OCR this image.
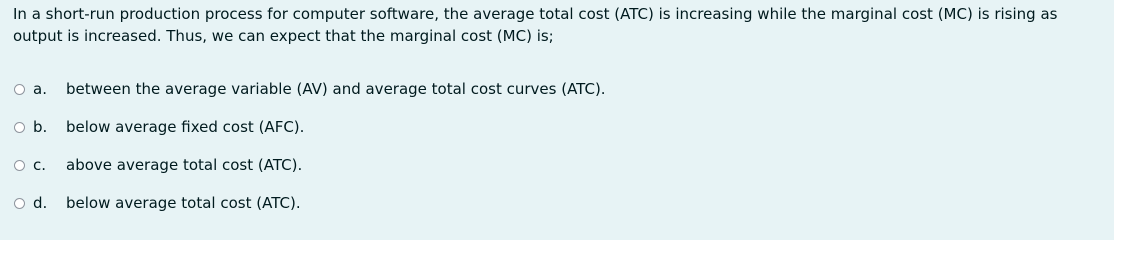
In a short-run production process for computer software, the average total cost (ATC) is increasing while the marginal cost (MC) is rising as output is increased. Thus, we can expect that the marginal cost (MC) is;

a.	between the average variable (AV) and average total cost curves (ATC).
b.	below average fixed cost (AFC).
c.	above average total cost (ATC).
d.	below average total cost (ATC).
